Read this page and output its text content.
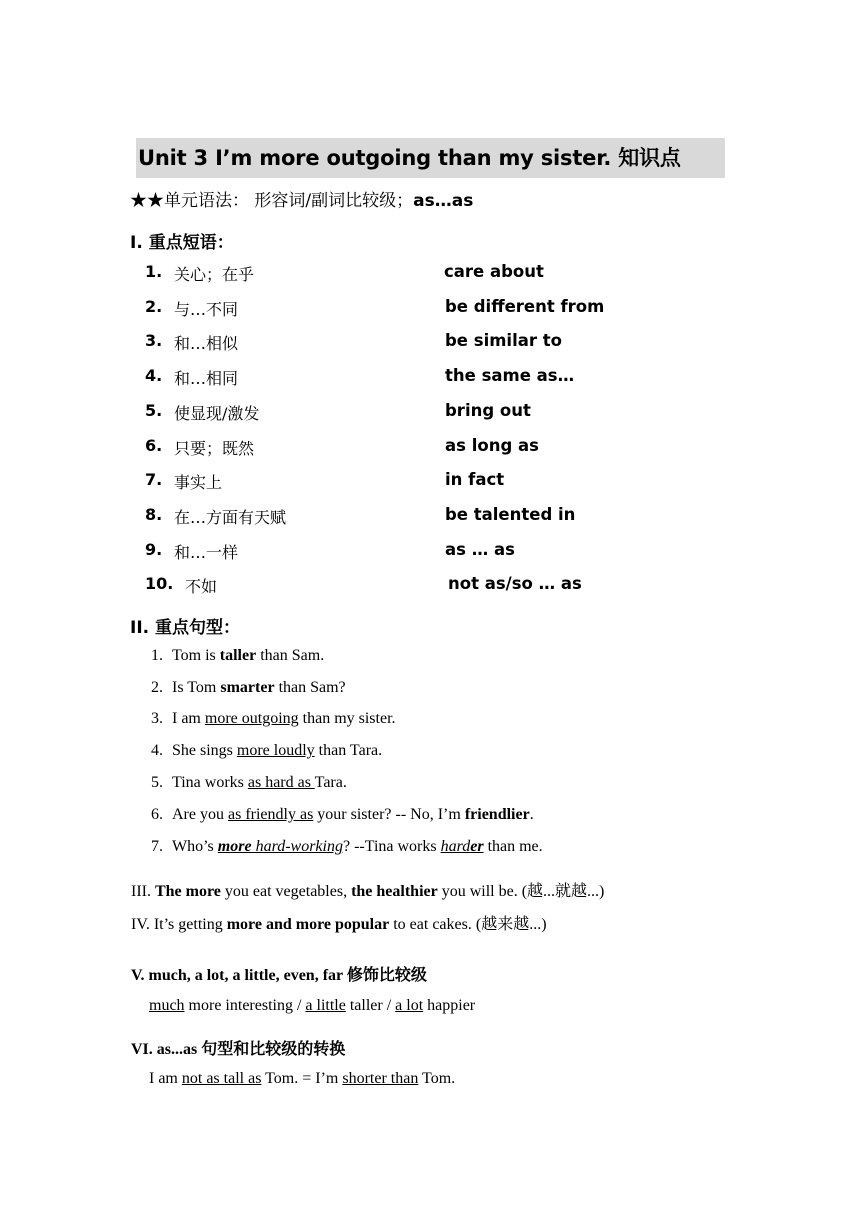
Unit 3 I’m more outgoing than my sister. 知识点
★★单元语法： 形容词/副词比较级；as…as
I. 重点短语：
1. 关心；在乎	care about
2. 与…不同	be different from
3. 和…相似	be similar to
4. 和…相同	the same as…
5. 使显现/激发	bring out
6. 只要；既然	as long as
7. 事实上	in fact
8. 在…方面有天赋	be talented in
9. 和…一样	as … as
10. 不如	not as/so … as
II. 重点句型：
1. Tom is taller than Sam.
2. Is Tom smarter than Sam?
3. I am more outgoing than my sister.
4. She sings more loudly than Tara.
5. Tina works as hard as Tara.
6. Are you as friendly as your sister? -- No, I’m friendlier.
7. Who’s more hard-working? --Tina works harder than me.
III. The more you eat vegetables, the healthier you will be. (越...就越...)
IV. It’s getting more and more popular to eat cakes. (越来越...)
V. much, a lot, a little, even, far 修饰比较级
much more interesting / a little taller / a lot happier
VI. as...as 句型和比较级的转换
I am not as tall as Tom. = I’m shorter than Tom.
